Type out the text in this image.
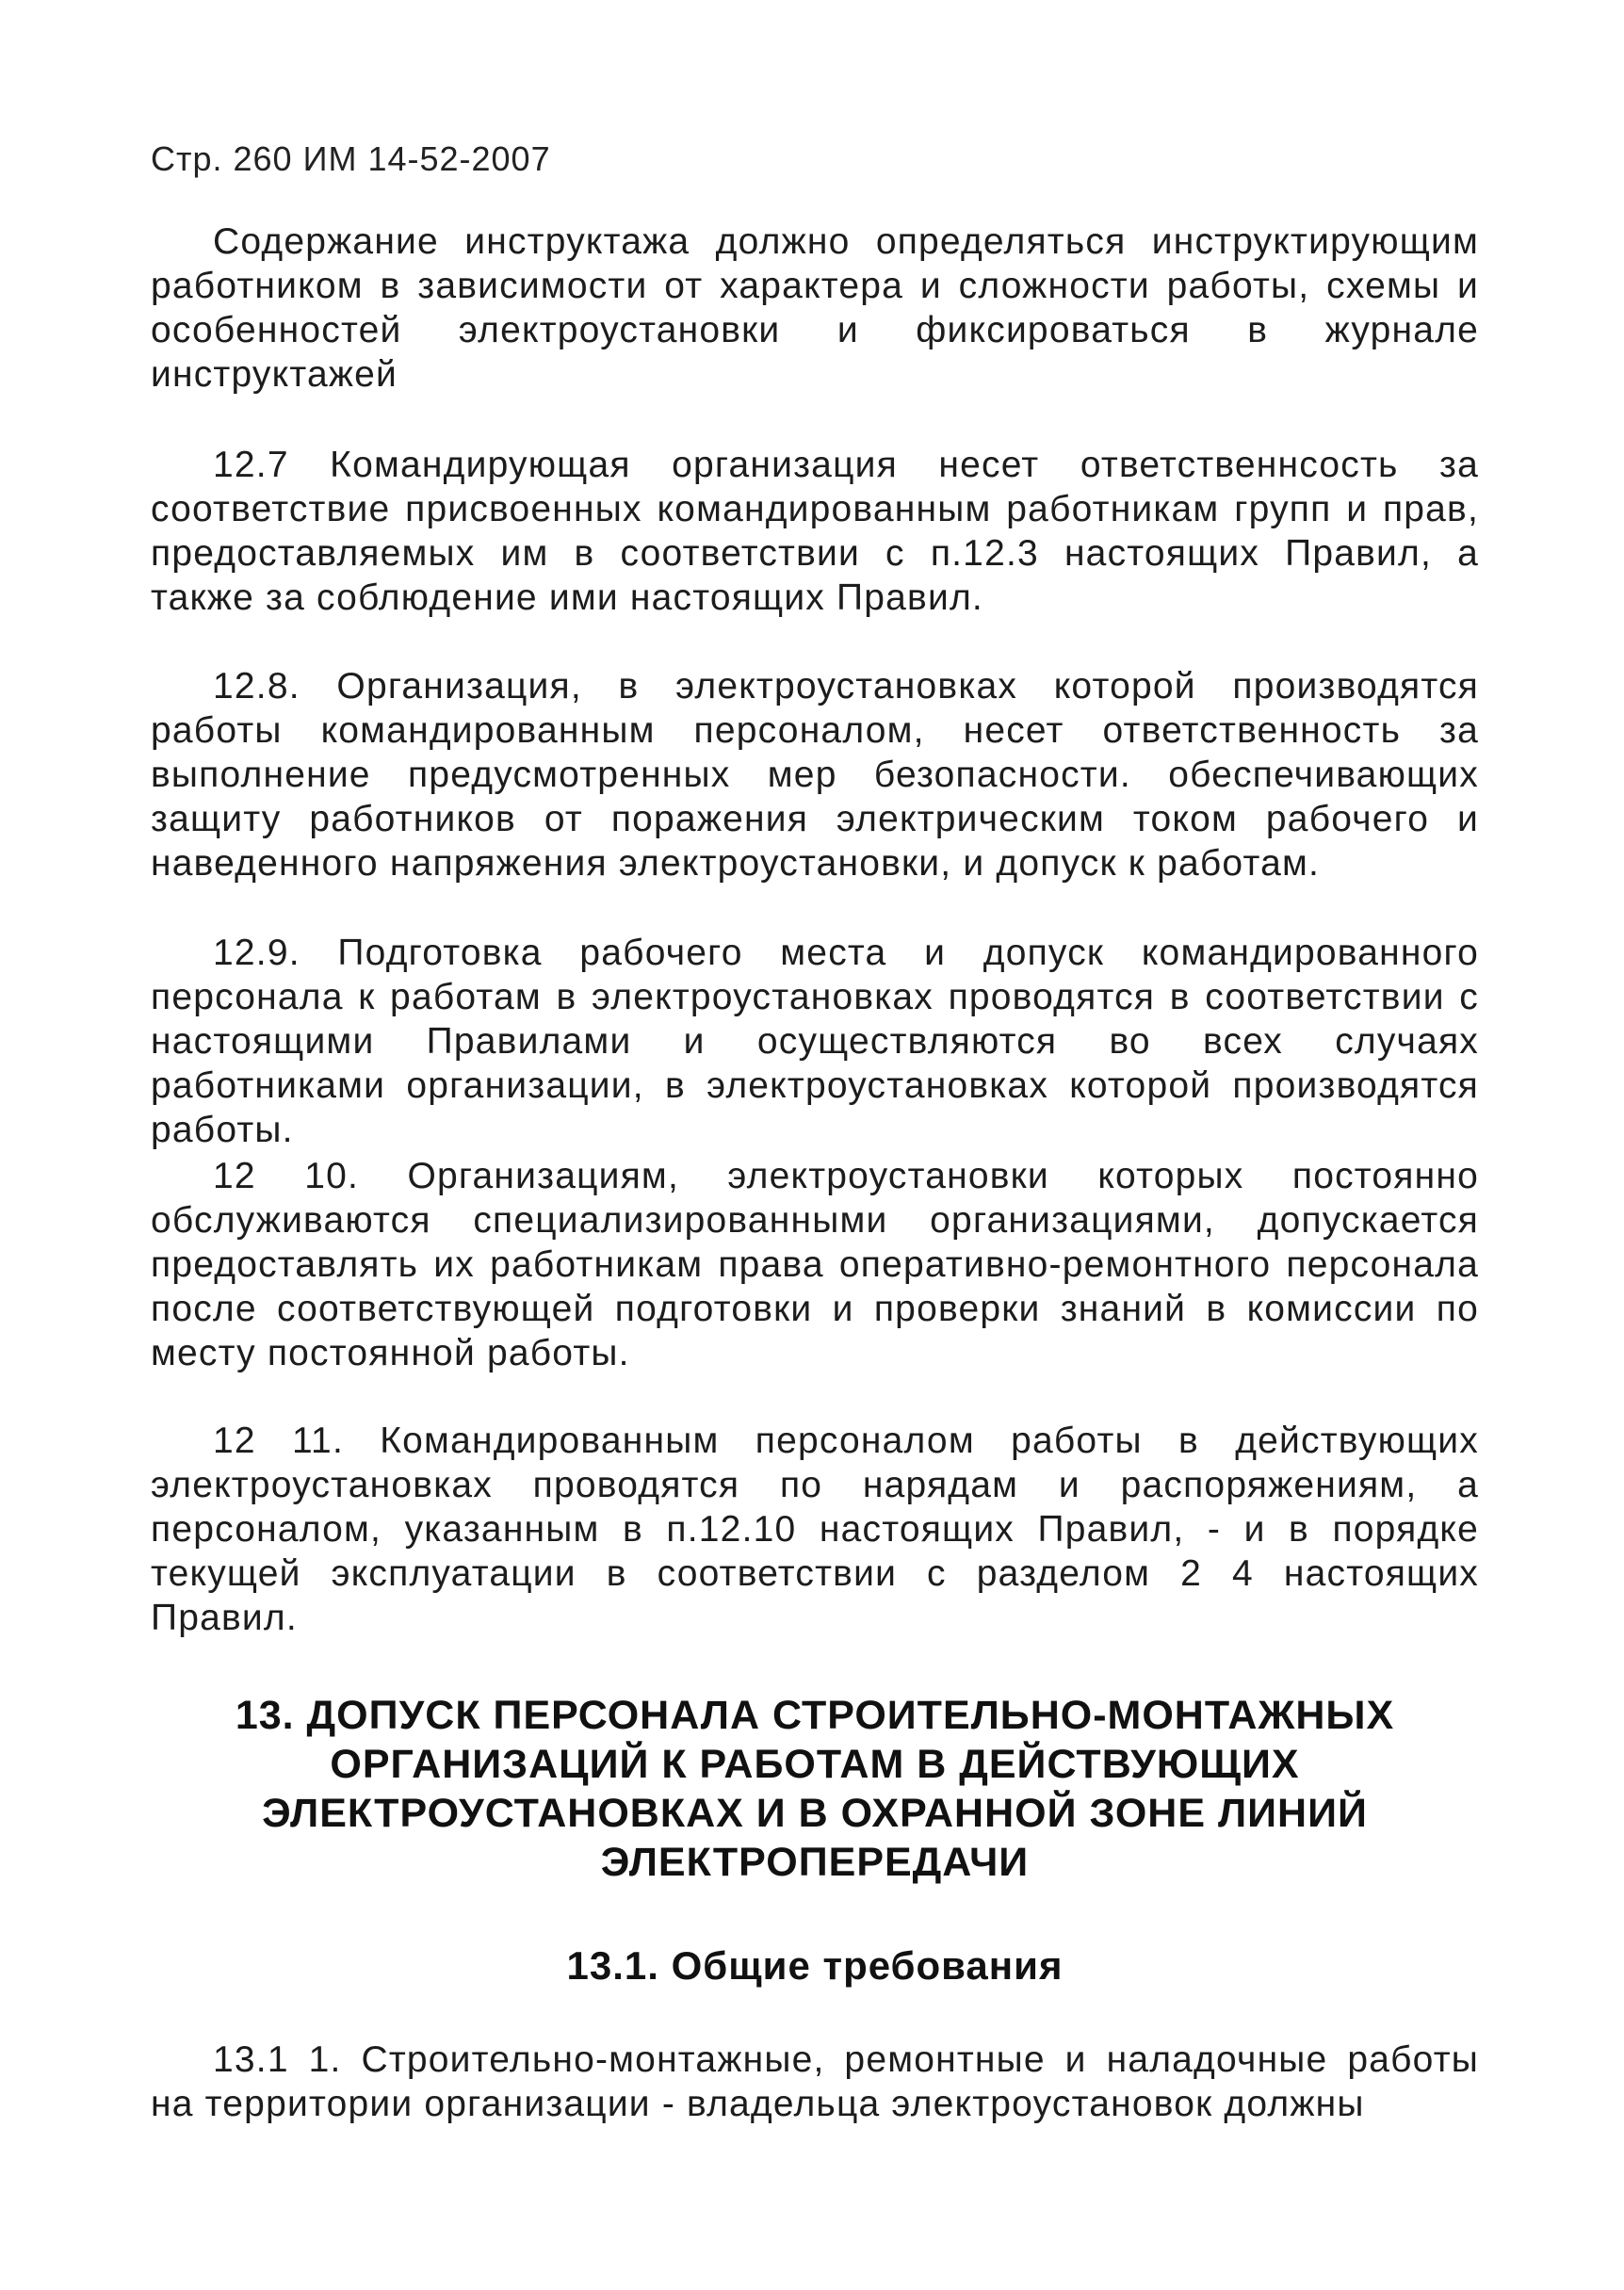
Стр. 260 ИМ 14-52-2007
Содержание инструктажа должно определяться инструктирующим работником в зависимости от характера и сложности работы, схемы и особенностей электроустановки и фиксироваться в журнале инструктажей
12.7 Командирующая организация несет ответственнсость за соответствие присвоенных командированным работникам групп и прав, предоставляемых им в соответствии с п.12.3 настоящих Правил, а также за соблюдение ими настоящих Правил.
12.8. Организация, в электроустановках которой производятся работы командированным персоналом, несет ответственность за выполнение предусмотренных мер безопасности. обеспечивающих защиту работников от поражения электрическим током рабочего и наведенного напряжения электроустановки, и допуск к работам.
12.9. Подготовка рабочего места и допуск командированного персонала к работам в электроустановках проводятся в соответствии с настоящими Правилами и осуществляются во всех случаях работниками организации, в электроустановках которой производятся работы.
12 10. Организациям, электроустановки которых постоянно обслуживаются специализированными организациями, допускается предоставлять их работникам права оперативно-ремонтного персонала после соответствующей подготовки и проверки знаний в комиссии по месту постоянной работы.
12 11. Командированным персоналом работы в действующих электроустановках проводятся по нарядам и распоряжениям, а персоналом, указанным в п.12.10 настоящих Правил, - и в порядке текущей эксплуатации в соответствии с разделом 2 4 настоящих Правил.
13. ДОПУСК ПЕРСОНАЛА СТРОИТЕЛЬНО-МОНТАЖНЫХ
ОРГАНИЗАЦИЙ К РАБОТАМ В ДЕЙСТВУЮЩИХ
ЭЛЕКТРОУСТАНОВКАХ И В ОХРАННОЙ ЗОНЕ ЛИНИЙ
ЭЛЕКТРОПЕРЕДАЧИ
13.1. Общие требования
13.1 1. Строительно-монтажные, ремонтные и наладочные работы на территории организации - владельца электроустановок должны
